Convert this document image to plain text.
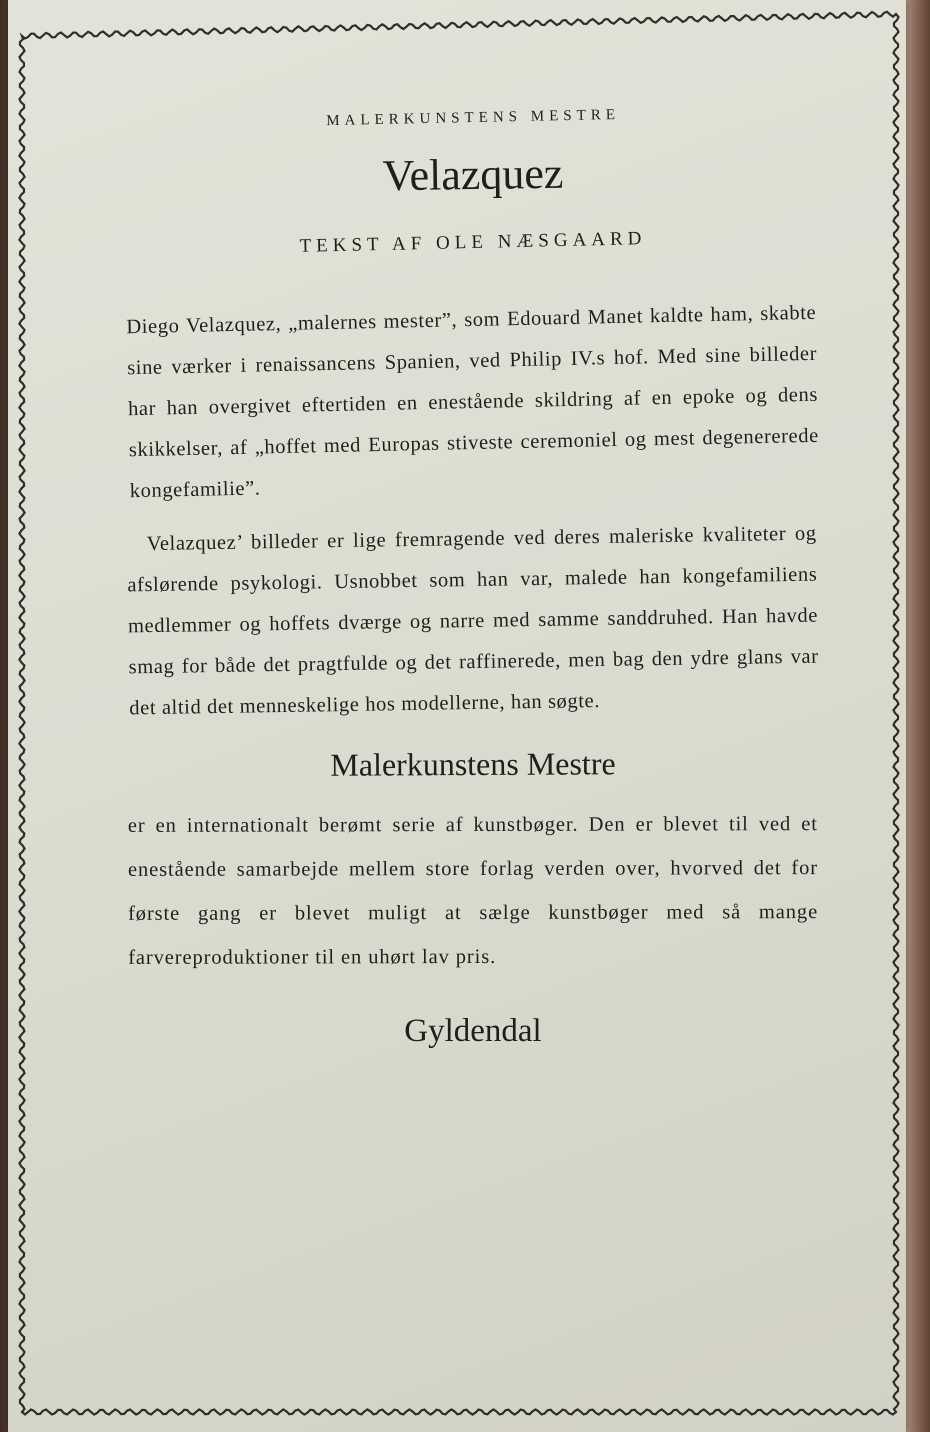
MALERKUNSTENS MESTRE

Velazquez

TEKST AF OLE NÆSGAARD

Diego Velazquez, „malernes mester”, som Edouard Manet kaldte ham, skabte sine værker i renaissancens Spanien, ved Philip IV.s hof. Med sine billeder har han overgivet eftertiden en enestående skildring af en epoke og dens skikkelser, af „hoffet med Europas stiveste ceremoniel og mest degenererede kongefamilie”.

Velazquez’ billeder er lige fremragende ved deres maleriske kvaliteter og afslørende psykologi. Usnobbet som han var, malede han kongefamiliens medlemmer og hoffets dværge og narre med samme sanddruhed. Han havde smag for både det pragtfulde og det raffinerede, men bag den ydre glans var det altid det menneskelige hos modellerne, han søgte.

Malerkunstens Mestre

er en internationalt berømt serie af kunstbøger. Den er blevet til ved et enestående samarbejde mellem store forlag verden over, hvorved det for første gang er blevet muligt at sælge kunstbøger med så mange farvereproduktioner til en uhørt lav pris.

Gyldendal
